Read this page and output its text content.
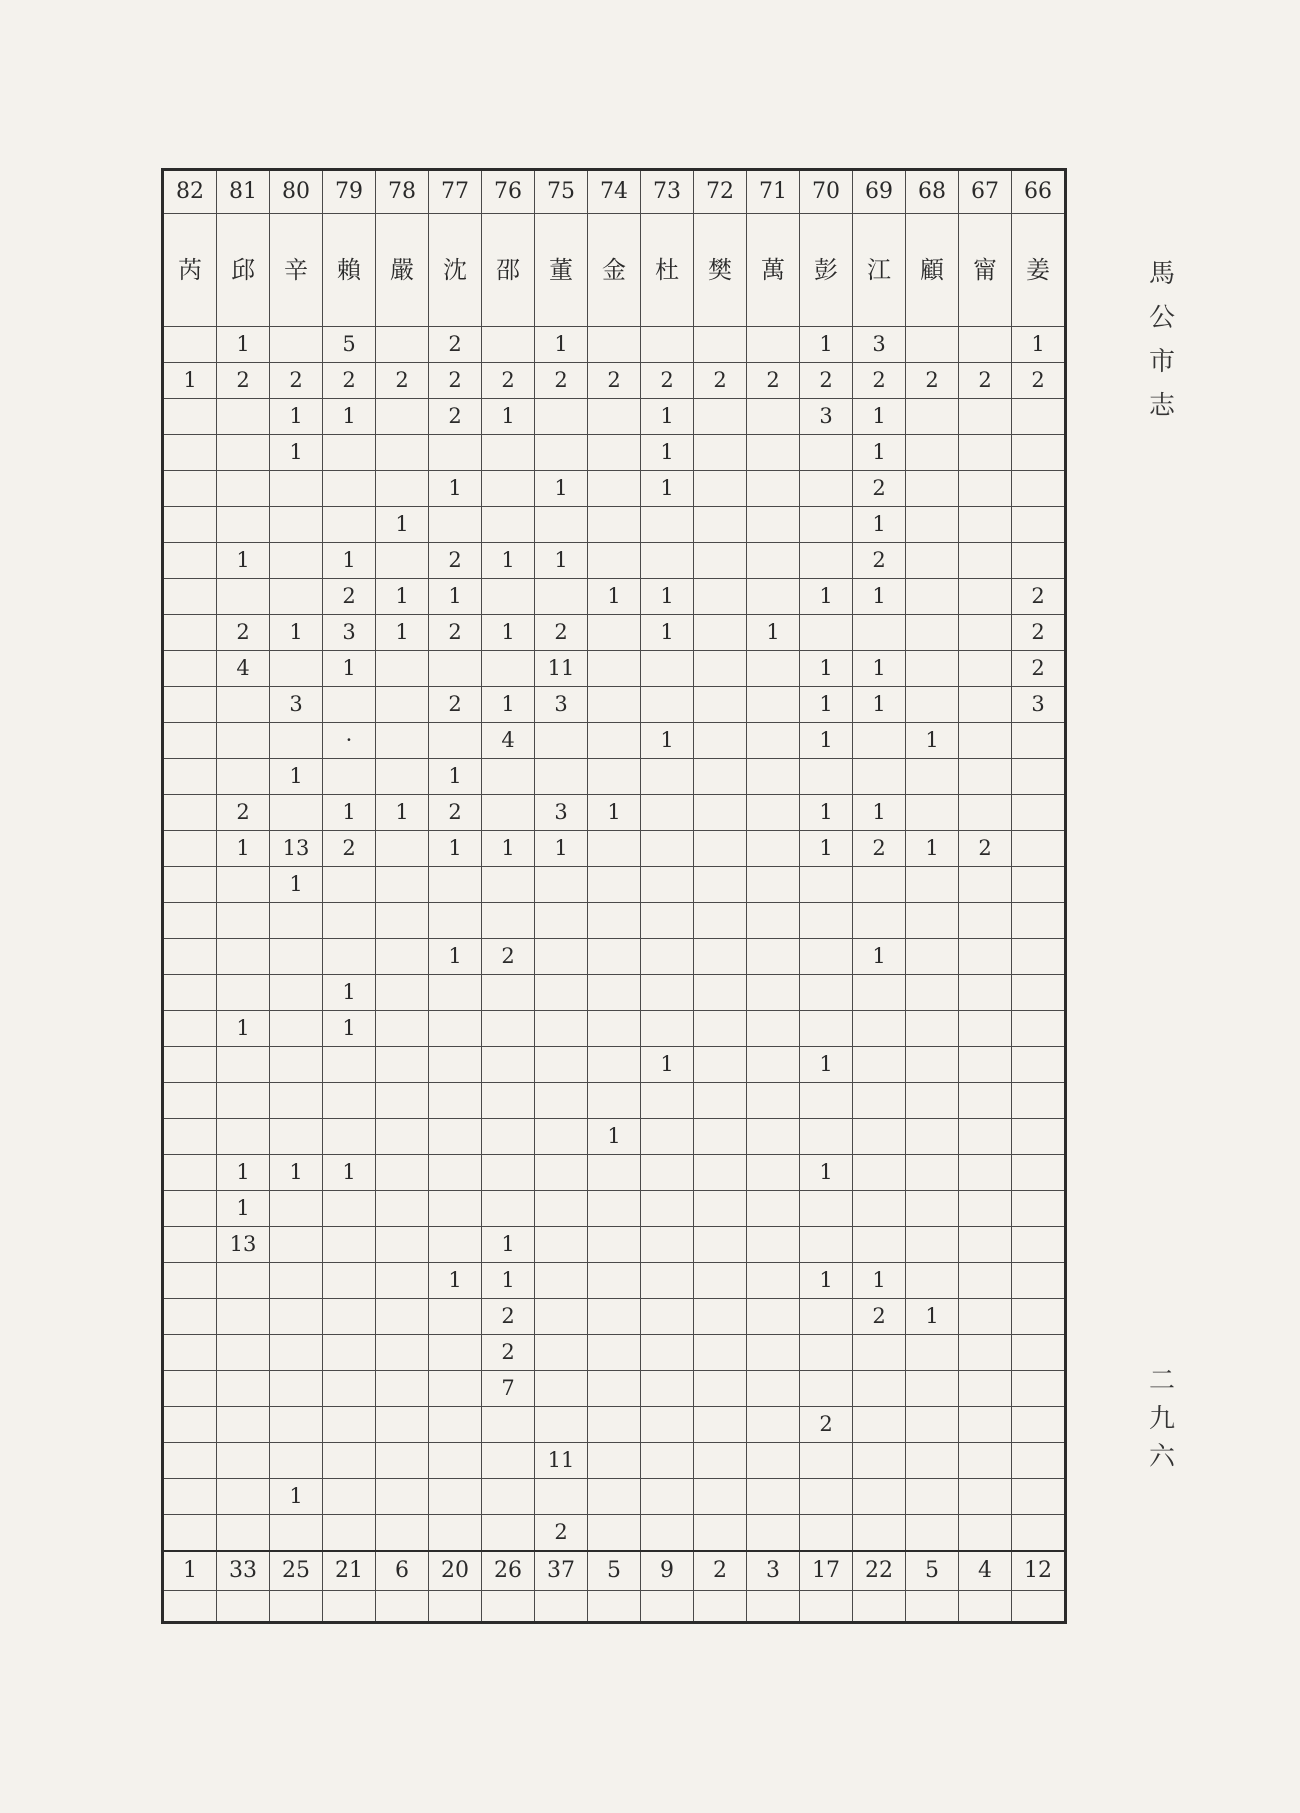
82	81	80	79	78	77	76	75	74	73	72	71	70	69	68	67	66
芮	邱	辛	賴	嚴	沈	邵	董	金	杜	樊	萬	彭	江	顧	甯	姜
	1		5		2		1					1	3			1
1	2	2	2	2	2	2	2	2	2	2	2	2	2	2	2	2
		1	1		2	1			1			3	1			
		1							1				1			
					1		1		1				2			
				1									1			
	1		1		2	1	1						2			
			2	1	1			1	1			1	1			2
	2	1	3	1	2	1	2		1		1					2
	4		1				11					1	1			2
		3			2	1	3					1	1			3
			·			4			1			1		1		
		1			1											
	2		1	1	2		3	1				1	1			
	1	13	2		1	1	1					1	2	1	2	
		1														

					1	2							1			
			1													
	1		1													
									1			1				

								1								
	1	1	1									1				
	1															
	13					1										
					1	1						1	1			
						2							2	1		
						2										
						7										
												2				
							11									
		1														
							2									
1	33	25	21	6	20	26	37	5	9	2	3	17	22	5	4	12

馬
公
市
志
二
九
六
